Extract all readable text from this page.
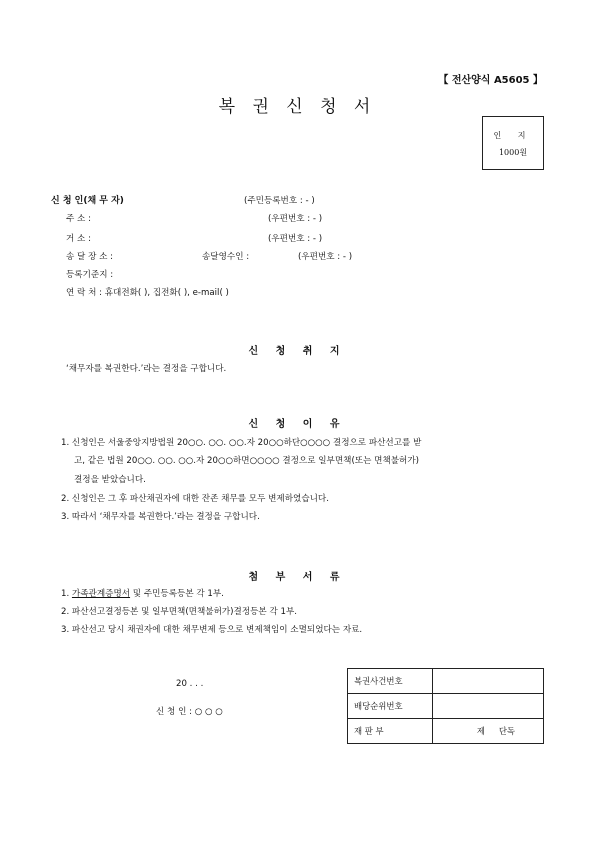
【 전산양식 A5605 】
복 권 신 청 서
인 지
1000원
신 청 인(채 무 자)	(주민등록번호 : - )
주 소 :	(우편번호 : - )
거 소 :	(우편번호 : - )
송 달 장 소 :	송달영수인 :	(우편번호 : - )
등록기준지 :
연 락 처 : 휴대전화( ), 집전화( ), e-mail( )
신 청 취 지
‘채무자를 복권한다.’라는 결정을 구합니다.
신 청 이 유
1. 신청인은 서울중앙지방법원 20○○. ○○. ○○.자 20○○하단○○○○ 결정으로 파산선고를 받
고, 같은 법원 20○○. ○○. ○○.자 20○○하면○○○○ 결정으로 일부면책(또는 면책불허가)
결정을 받았습니다.
2. 신청인은 그 후 파산채권자에 대한 잔존 채무를 모두 변제하였습니다.
3. 따라서 ‘채무자를 복권한다.’라는 결정을 구합니다.
첨 부 서 류
1. 가족관계증명서 및 주민등록등본 각 1부.
2. 파산선고결정등본 및 일부면책(면책불허가)결정등본 각 1부.
3. 파산선고 당시 채권자에 대한 채무변제 등으로 변제책임이 소멸되었다는 자료.
20 . . .
신 청 인 : ○ ○ ○
복권사건번호		
배당순위번호		
재 판 부	제	단독
